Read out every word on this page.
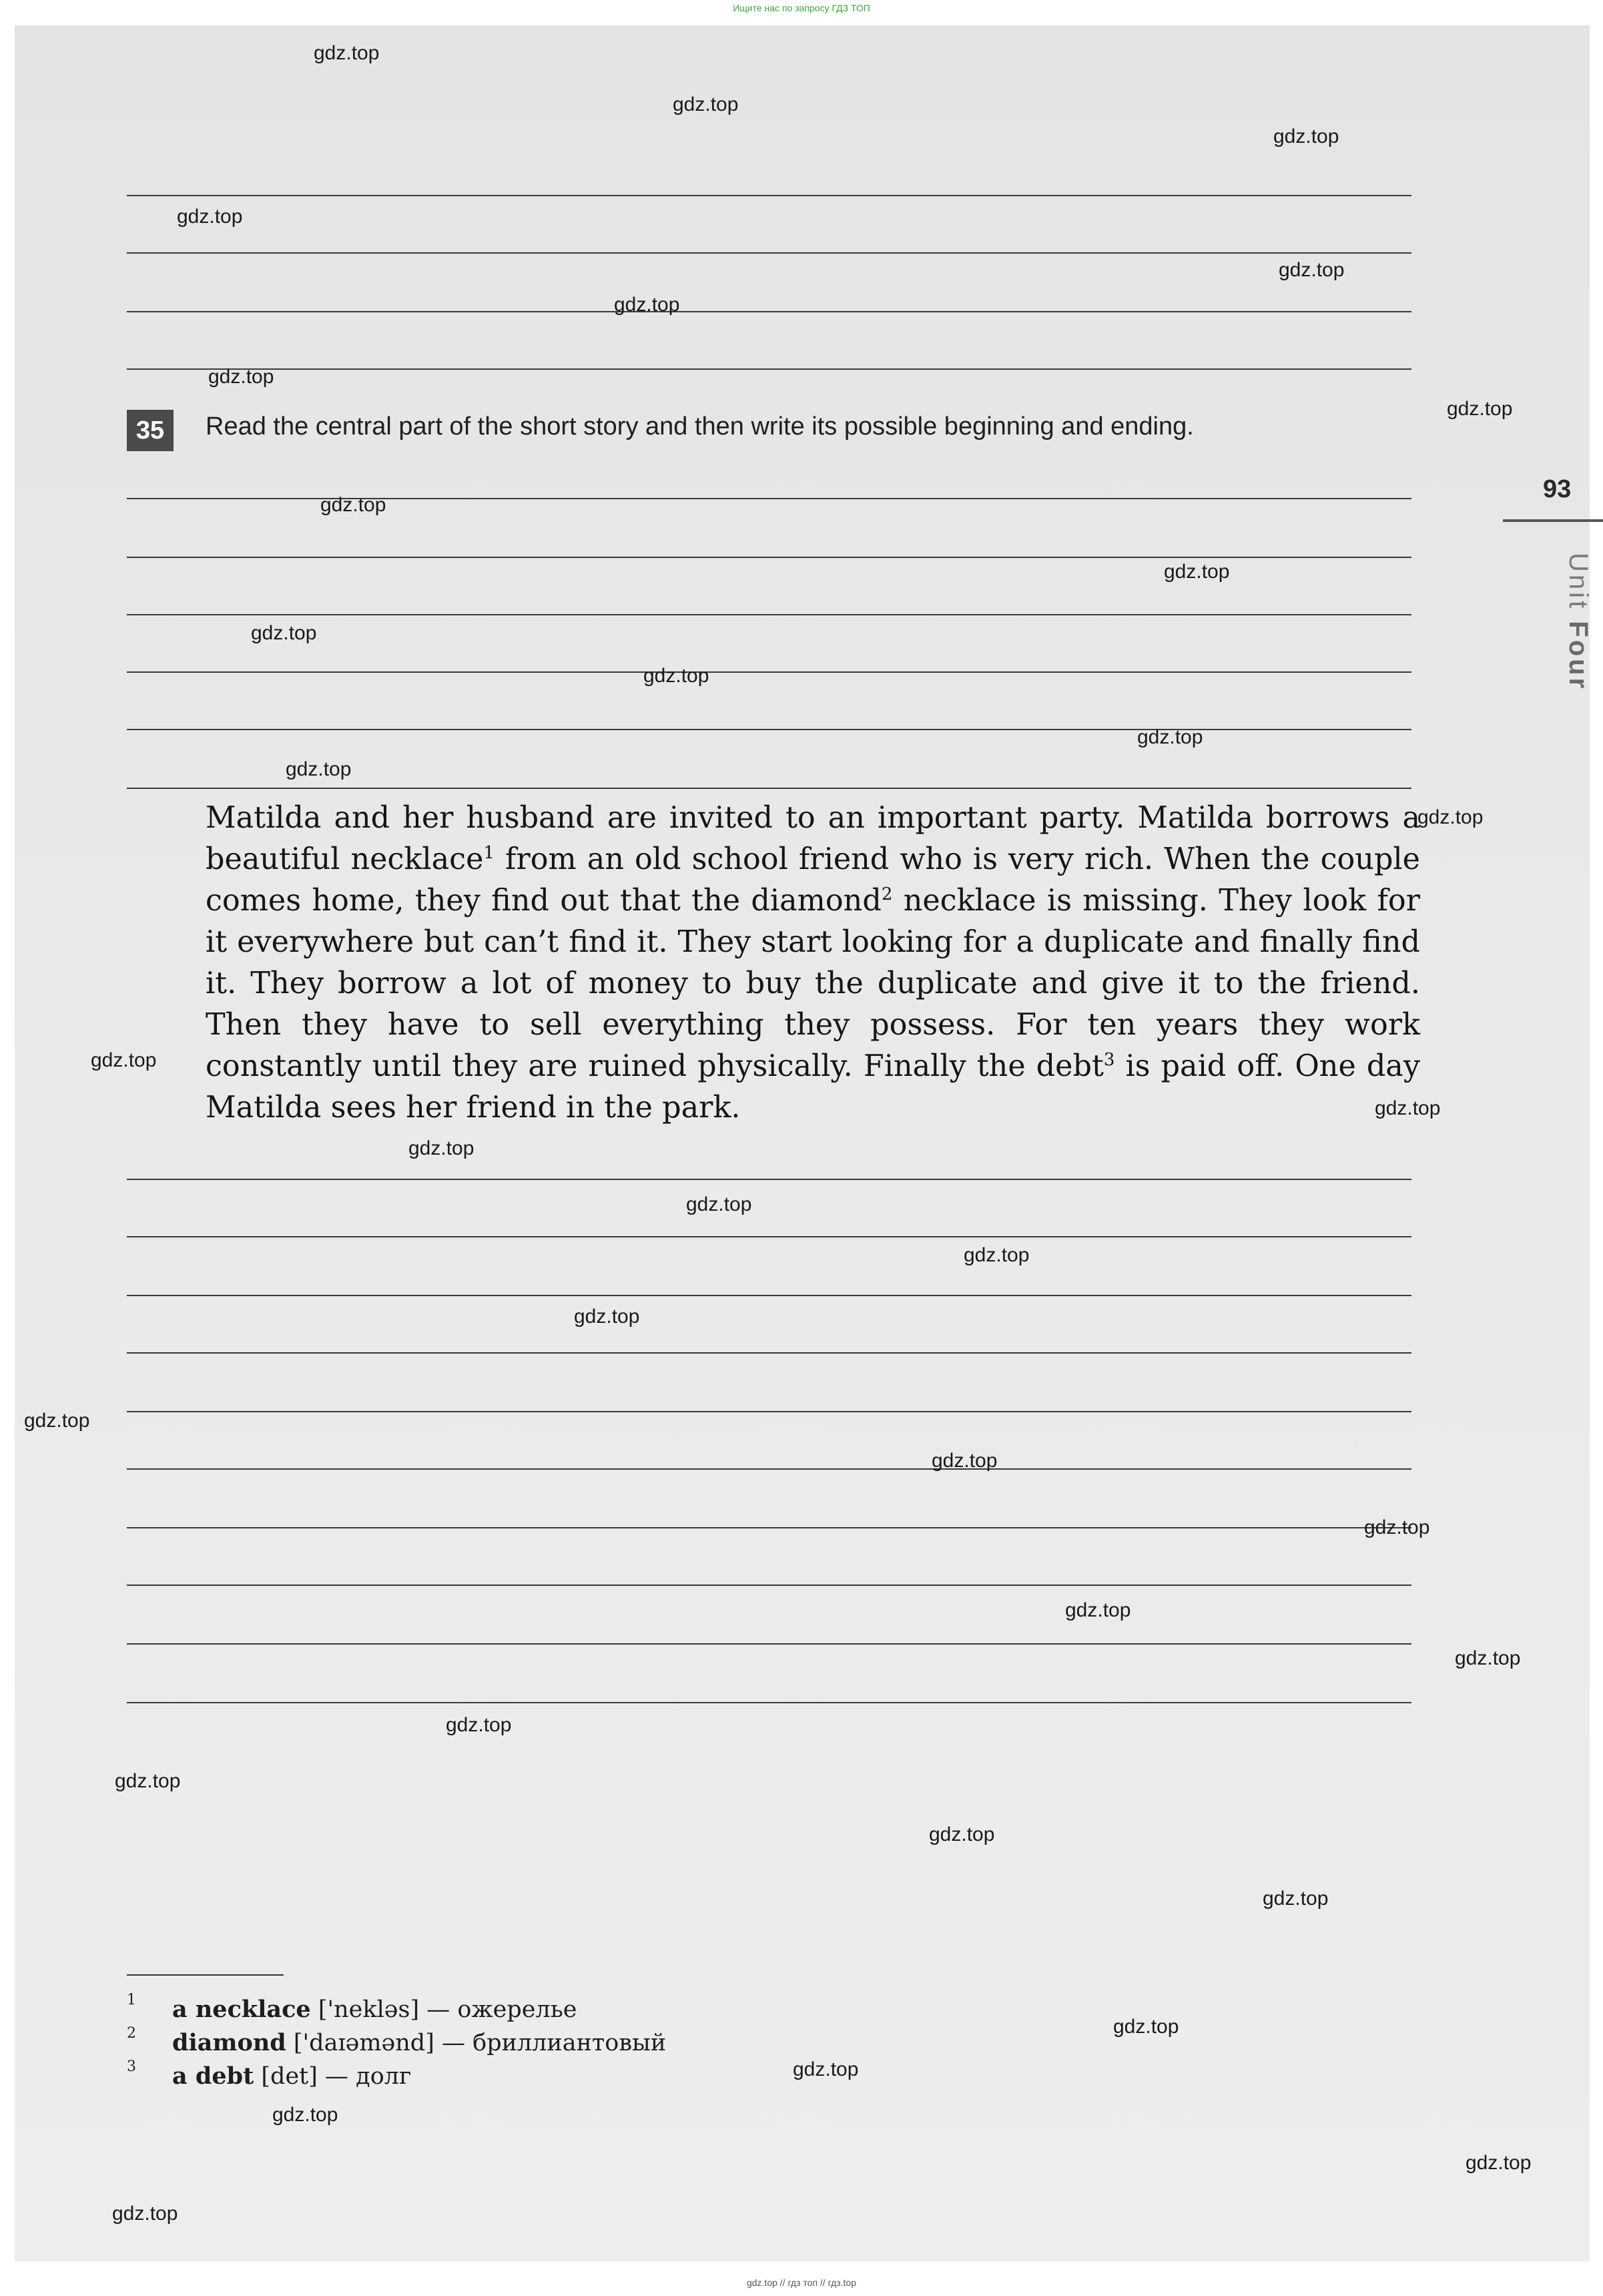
Ищите нас по запросу ГДЗ ТОП

35	Read the central part of the short story and then write its possible beginning and ending.
Matilda and her husband are invited to an important party. Matilda borrows a beautiful necklace$^1$ from an old school friend who is very rich. When the couple comes home, they find out that the diamond$^2$ necklace is missing. They look for it everywhere but can’t find it. They start looking for a duplicate and finally find it. They borrow a lot of money to buy the duplicate and give it to the friend. Then they have to sell everything they possess. For ten years they work constantly until they are ruined physically. Finally the debt$^3$ is paid off. One day Matilda sees her friend in the park.
93
Unit Four
1 a necklace ['nekləs] — ожерелье
2 diamond ['daɪəmənd] — бриллиантовый
3 a debt [det] — долг
gdz.top
gdz.top
gdz.top
gdz.top
gdz.top
gdz.top
gdz.top
gdz.top
gdz.top
gdz.top
gdz.top
gdz.top
gdz.top
gdz.top
gdz.top
gdz.top
gdz.top
gdz.top
gdz.top
gdz.top
gdz.top
gdz.top
gdz.top
gdz.top
gdz.top
gdz.top
gdz.top
gdz.top
gdz.top
gdz.top
gdz.top
gdz.top
gdz.top
gdz.top
gdz.top
gdz.top // гдз топ // гдз.top
